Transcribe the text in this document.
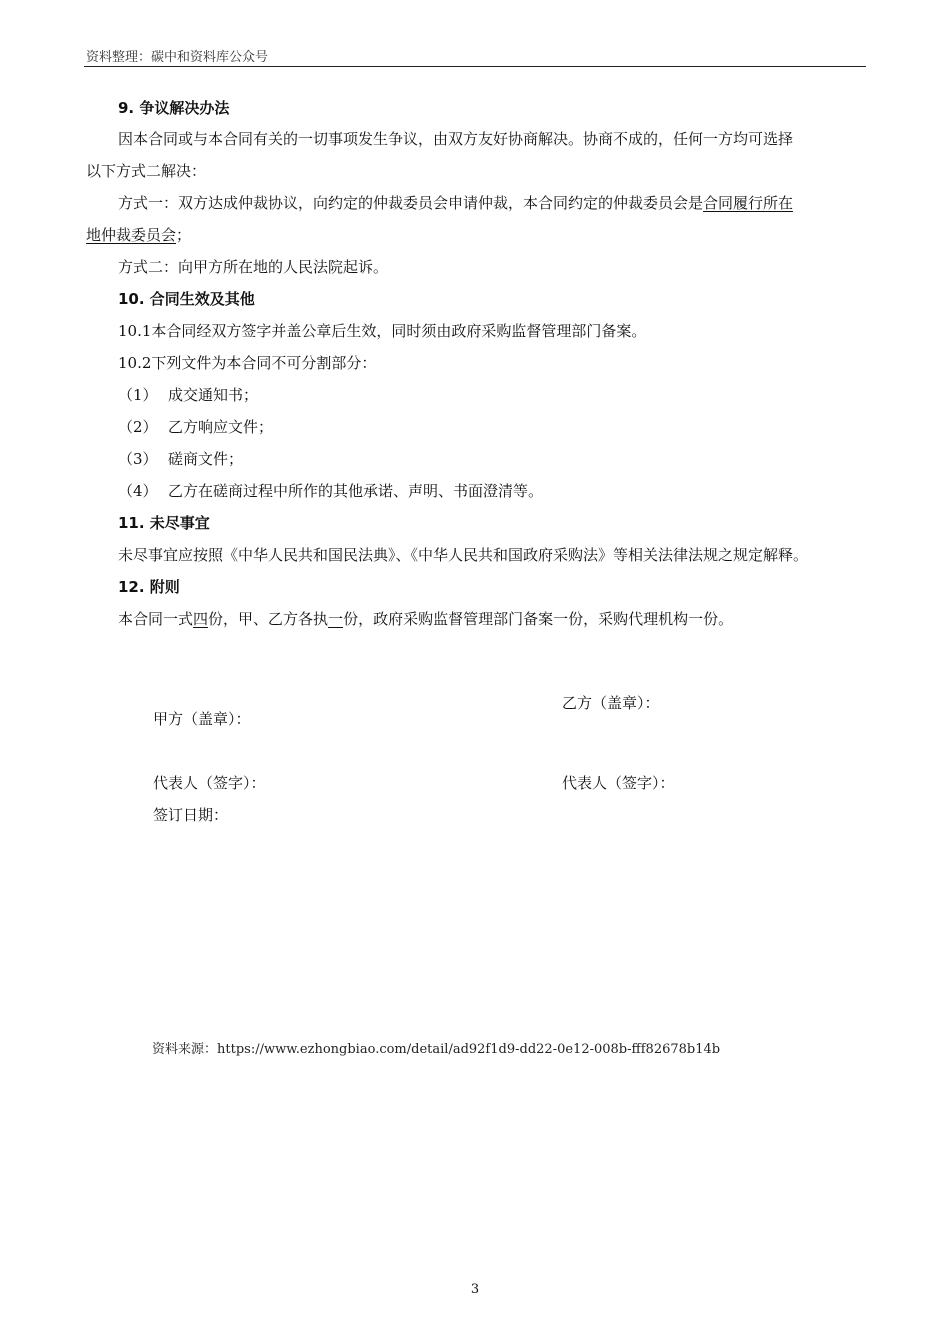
资料整理：碳中和资料库公众号
9. 争议解决办法
因本合同或与本合同有关的一切事项发生争议，由双方友好协商解决。协商不成的，任何一方均可选择
以下方式二解决：
方式一：双方达成仲裁协议，向约定的仲裁委员会申请仲裁，本合同约定的仲裁委员会是合同履行所在
地仲裁委员会；
方式二：向甲方所在地的人民法院起诉。
10. 合同生效及其他
10.1本合同经双方签字并盖公章后生效，同时须由政府采购监督管理部门备案。
10.2下列文件为本合同不可分割部分：
（1） 成交通知书；
（2） 乙方响应文件；
（3） 磋商文件；
（4） 乙方在磋商过程中所作的其他承诺、声明、书面澄清等。
11. 未尽事宜
未尽事宜应按照《中华人民共和国民法典》、《中华人民共和国政府采购法》等相关法律法规之规定解释。
12. 附则
本合同一式四份，甲、乙方各执一份，政府采购监督管理部门备案一份，采购代理机构一份。
甲方（盖章）：
乙方（盖章）：
代表人（签字）：	代表人（签字）：
签订日期：
资料来源：https://www.ezhongbiao.com/detail/ad92f1d9-dd22-0e12-008b-fff82678b14b
3
